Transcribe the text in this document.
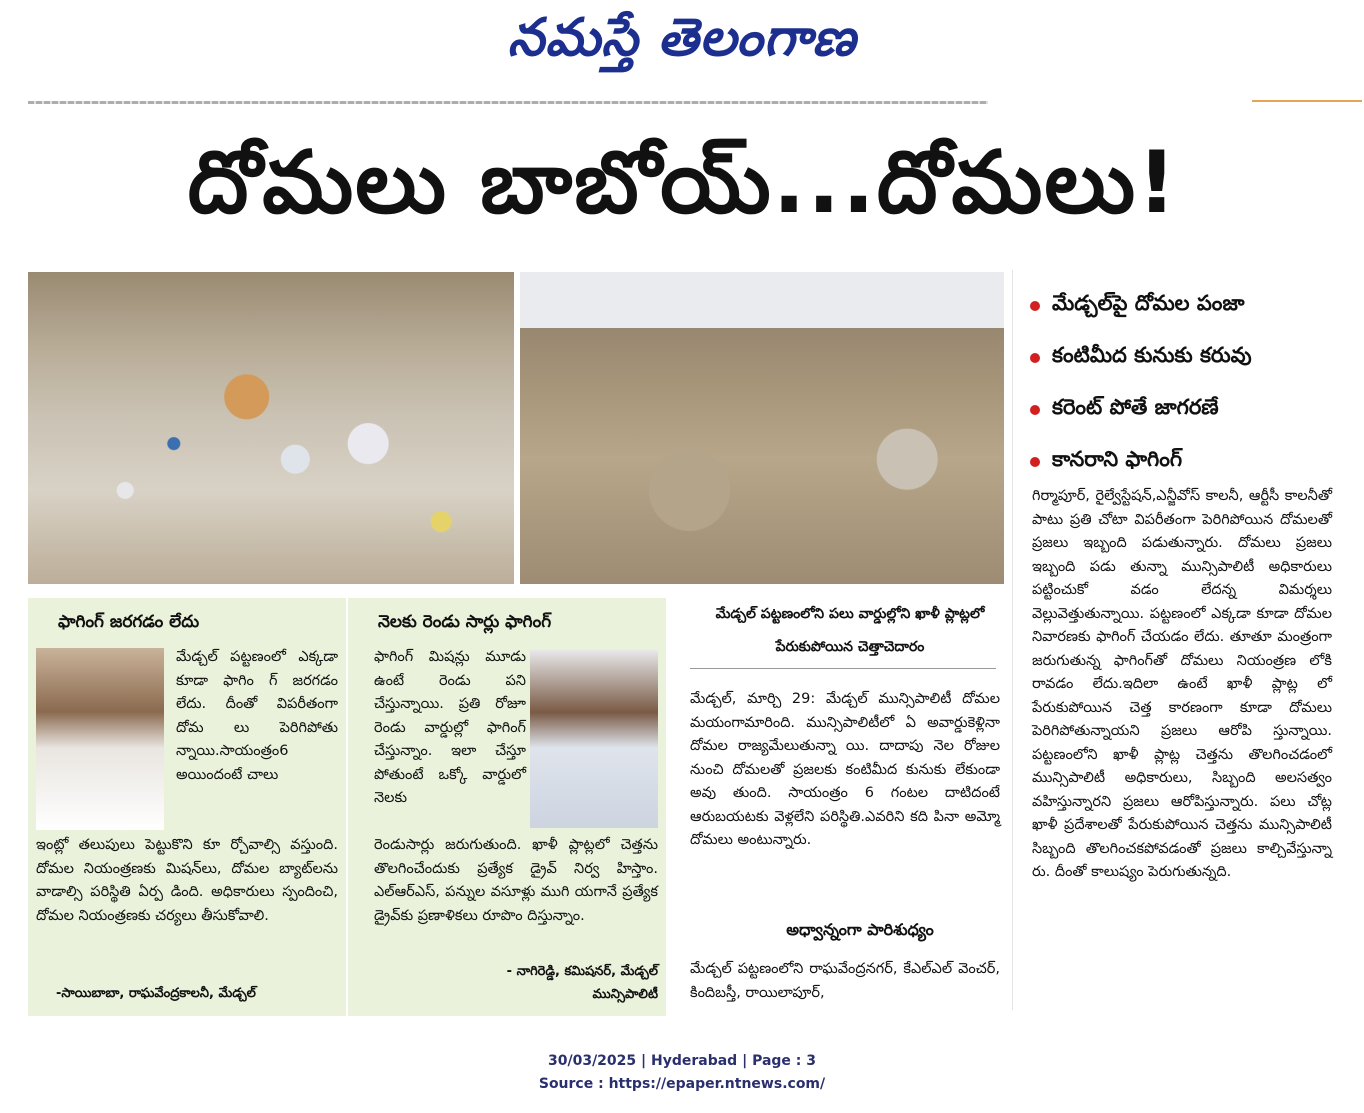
నమస్తే తెలంగాణ
దోమలు బాబోయ్...దోమలు!
మేడ్చల్‌పై దోమల పంజా
కంటిమీద కునుకు కరువు
కరెంట్ పోతే జాగరణే
కానరాని ఫాగింగ్
గిర్మాపూర్, రైల్వేస్టేషన్,ఎన్జీవోస్ కాలనీ, ఆర్టీసీ కాలనీతో పాటు ప్రతి చోటా విపరీతంగా పెరిగిపోయిన దోమలతో ప్రజలు ఇబ్బంది పడుతున్నారు. దోమలు ప్రజలు ఇబ్బంది పడు తున్నా మున్సిపాలిటీ అధికారులు పట్టించుకో వడం లేదన్న విమర్శలు వెల్లువెత్తుతున్నాయి. పట్టణంలో ఎక్కడా కూడా దోమల నివారణకు ఫాగింగ్ చేయడం లేదు. తూతూ మంత్రంగా జరుగుతున్న ఫాగింగ్‌తో దోమలు నియంత్రణ లోకి రావడం లేదు.ఇదిలా ఉంటే ఖాళీ ప్లాట్ల లో పేరుకుపోయిన చెత్త కారణంగా కూడా దోమలు పెరిగిపోతున్నాయని ప్రజలు ఆరోపి స్తున్నాయి. పట్టణంలోని ఖాళీ ప్లాట్ల చెత్తను తొలగించడంలో మున్సిపాలిటీ అధికారులు, సిబ్బంది అలసత్వం వహిస్తున్నారని ప్రజలు ఆరోపిస్తున్నారు. పలు చోట్ల ఖాళీ ప్రదేశాలతో పేరుకుపోయిన చెత్తను మున్సిపాలిటీ సిబ్బంది తొలగించకపోవడంతో ప్రజలు కాల్చివేస్తున్నా రు. దీంతో కాలుష్యం పెరుగుతున్నది.
ఫాగింగ్ జరగడం లేదు
మేడ్చల్ పట్టణంలో ఎక్కడా కూడా ఫాగిం గ్ జరగడం లేదు. దీంతో విపరీతంగా దోమ లు పెరిగిపోతు న్నాయి.సాయంత్రం6 అయిందంటే చాలు
ఇంట్లో తలుపులు పెట్టుకొని కూ ర్చోవాల్సి వస్తుంది. దోమల నియంత్రణకు మిషన్‌లు, దోమల బ్యాట్‌లను వాడాల్సి పరిస్థితి ఏర్ప డింది. అధికారులు స్పందించి, దోమల నియంత్రణకు చర్యలు తీసుకోవాలి.
-సాయిబాబా, రాఘవేంద్రకాలనీ, మేడ్చల్
నెలకు రెండు సార్లు ఫాగింగ్
ఫాగింగ్ మిషన్లు మూడు ఉంటే రెండు పని చేస్తున్నాయి. ప్రతి రోజూ రెండు వార్డుల్లో ఫాగింగ్ చేస్తున్నాం. ఇలా చేస్తూ పోతుంటే ఒక్కో వార్డులో నెలకు
రెండుసార్లు జరుగుతుంది. ఖాళీ ప్లాట్లలో చెత్తను తొలగించేందుకు ప్రత్యేక డ్రైవ్ నిర్వ హిస్తాం. ఎల్ఆర్ఎస్, పన్నుల వసూళ్లు ముగి యగానే ప్రత్యేక డ్రైవ్‌కు ప్రణాళికలు రూపొం దిస్తున్నాం.
- నాగిరెడ్డి, కమిషనర్, మేడ్చల్ మున్సిపాలిటీ
మేడ్చల్ పట్టణంలోని పలు వార్డుల్లోని ఖాళీ ప్లాట్లలో పేరుకుపోయిన చెత్తాచెదారం
మేడ్చల్, మార్చి 29: మేడ్చల్ మున్సిపాలిటీ దోమల మయంగామారింది. మున్సిపాలిటీలో ఏ అవార్డుకెళ్లినా దోమల రాజ్యమేలుతున్నా యి. దాదాపు నెల రోజుల నుంచి దోమలతో ప్రజలకు కంటిమీద కునుకు లేకుండా అవు తుంది. సాయంత్రం 6 గంటల దాటిదంటే ఆరుబయటకు వెళ్లలేని పరిస్థితి.ఎవరిని కది పినా అమ్మో దోమలు అంటున్నారు.
అధ్వాన్నంగా పారిశుధ్యం
మేడ్చల్ పట్టణంలోని రాఘవేంద్రనగర్, కేఎల్ఎల్ వెంచర్, కిందిబస్తీ, రాయిలాపూర్,
30/03/2025 | Hyderabad | Page : 3
Source : https://epaper.ntnews.com/
